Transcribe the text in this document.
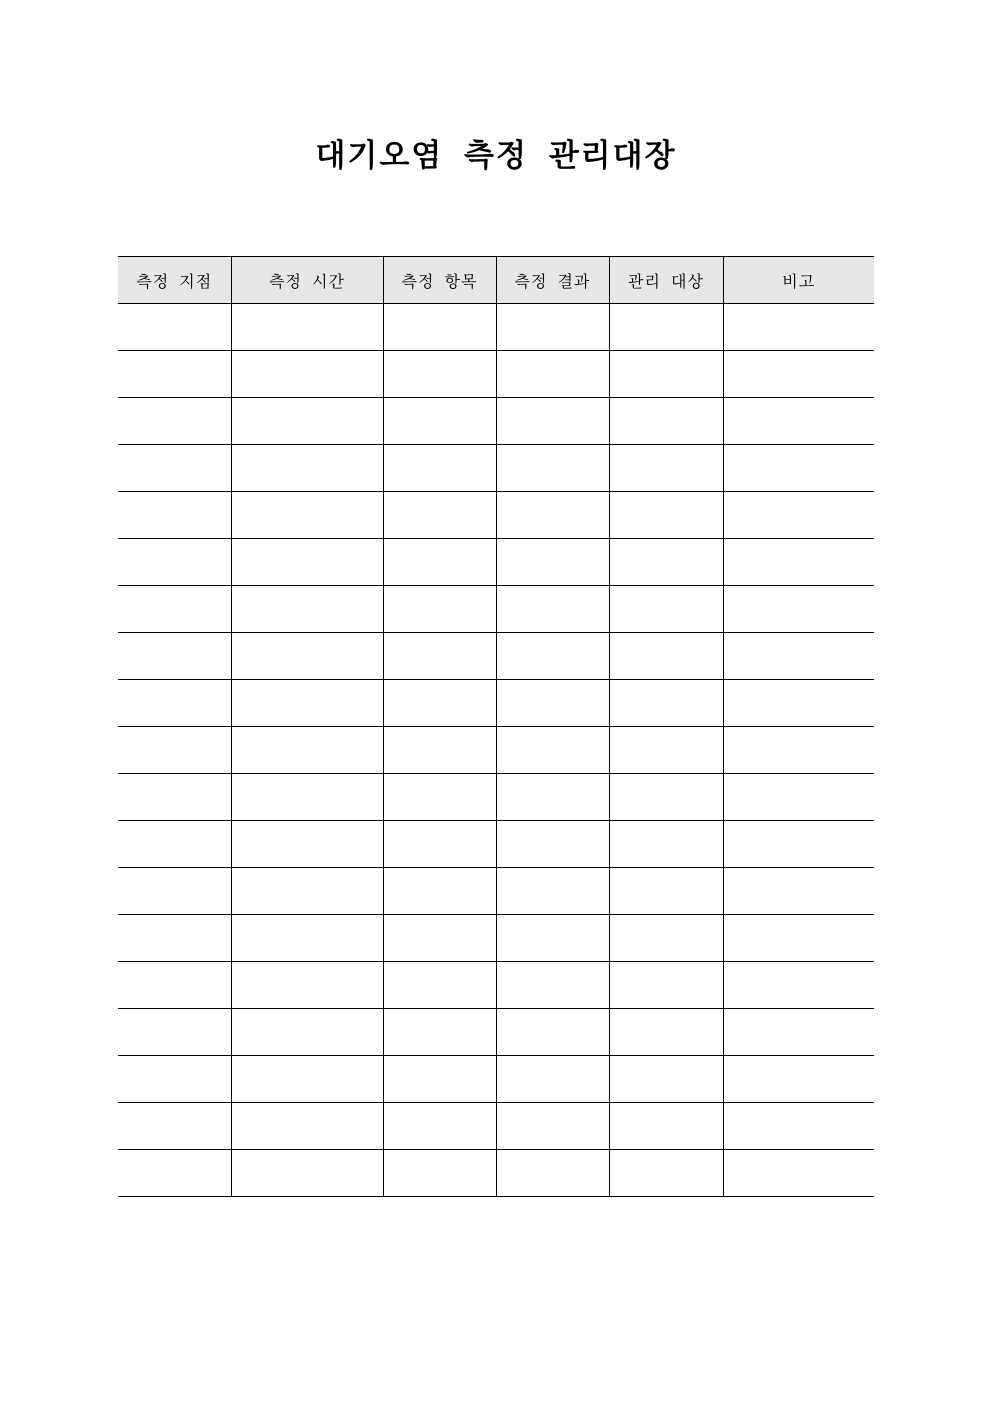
대기오염 측정 관리대장
측정 지점	측정 시간	측정 항목	측정 결과	관리 대상	비고
